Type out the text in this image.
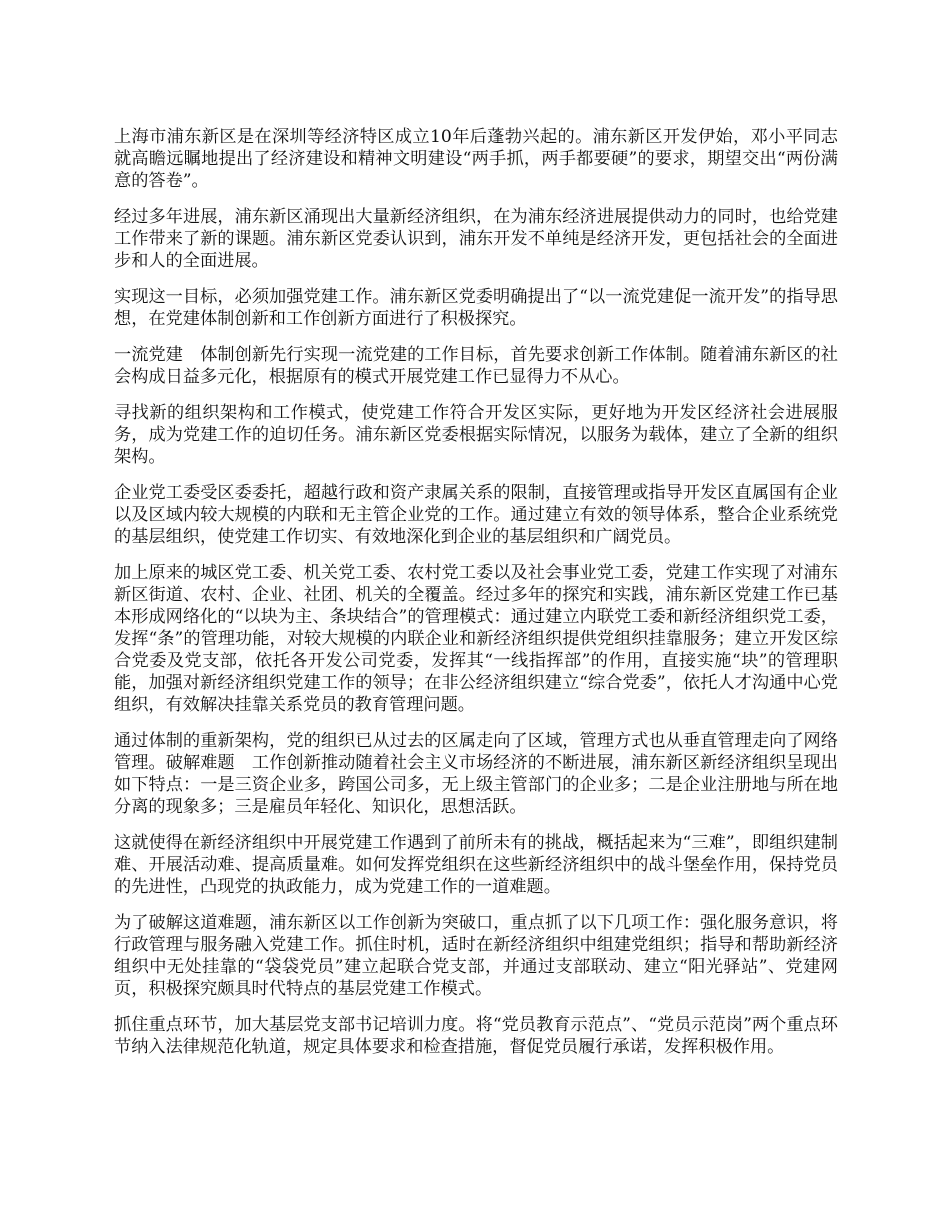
上海市浦东新区是在深圳等经济特区成立10年后蓬勃兴起的。浦东新区开发伊始，邓小平同志就高瞻远瞩地提出了经济建设和精神文明建设“两手抓，两手都要硬”的要求，期望交出“两份满意的答卷”。

经过多年进展，浦东新区涌现出大量新经济组织，在为浦东经济进展提供动力的同时，也给党建工作带来了新的课题。浦东新区党委认识到，浦东开发不单纯是经济开发，更包括社会的全面进步和人的全面进展。

实现这一目标，必须加强党建工作。浦东新区党委明确提出了“以一流党建促一流开发”的指导思想，在党建体制创新和工作创新方面进行了积极探究。

一流党建　体制创新先行实现一流党建的工作目标，首先要求创新工作体制。随着浦东新区的社会构成日益多元化，根据原有的模式开展党建工作已显得力不从心。

寻找新的组织架构和工作模式，使党建工作符合开发区实际，更好地为开发区经济社会进展服务，成为党建工作的迫切任务。浦东新区党委根据实际情况，以服务为载体，建立了全新的组织架构。

企业党工委受区委委托，超越行政和资产隶属关系的限制，直接管理或指导开发区直属国有企业以及区域内较大规模的内联和无主管企业党的工作。通过建立有效的领导体系，整合企业系统党的基层组织，使党建工作切实、有效地深化到企业的基层组织和广阔党员。

加上原来的城区党工委、机关党工委、农村党工委以及社会事业党工委，党建工作实现了对浦东新区街道、农村、企业、社团、机关的全覆盖。经过多年的探究和实践，浦东新区党建工作已基本形成网络化的“以块为主、条块结合”的管理模式：通过建立内联党工委和新经济组织党工委，发挥“条”的管理功能，对较大规模的内联企业和新经济组织提供党组织挂靠服务；建立开发区综合党委及党支部，依托各开发公司党委，发挥其“一线指挥部”的作用，直接实施“块”的管理职能，加强对新经济组织党建工作的领导；在非公经济组织建立“综合党委”，依托人才沟通中心党组织，有效解决挂靠关系党员的教育管理问题。

通过体制的重新架构，党的组织已从过去的区属走向了区域，管理方式也从垂直管理走向了网络管理。破解难题　工作创新推动随着社会主义市场经济的不断进展，浦东新区新经济组织呈现出如下特点：一是三资企业多，跨国公司多，无上级主管部门的企业多；二是企业注册地与所在地分离的现象多；三是雇员年轻化、知识化，思想活跃。

这就使得在新经济组织中开展党建工作遇到了前所未有的挑战，概括起来为“三难”，即组织建制难、开展活动难、提高质量难。如何发挥党组织在这些新经济组织中的战斗堡垒作用，保持党员的先进性，凸现党的执政能力，成为党建工作的一道难题。

为了破解这道难题，浦东新区以工作创新为突破口，重点抓了以下几项工作：强化服务意识，将行政管理与服务融入党建工作。抓住时机，适时在新经济组织中组建党组织；指导和帮助新经济组织中无处挂靠的“袋袋党员”建立起联合党支部，并通过支部联动、建立“阳光驿站”、党建网页，积极探究颇具时代特点的基层党建工作模式。

抓住重点环节，加大基层党支部书记培训力度。将“党员教育示范点”、“党员示范岗”两个重点环节纳入法律规范化轨道，规定具体要求和检查措施，督促党员履行承诺，发挥积极作用。
